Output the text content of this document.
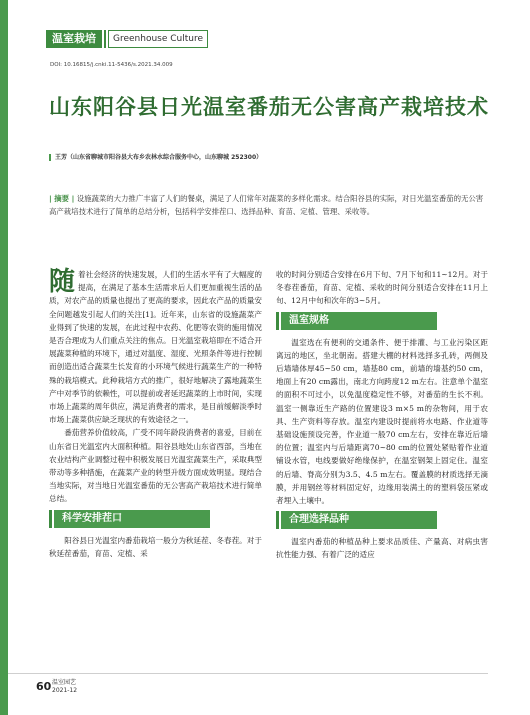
温室栽培	Greenhouse Culture
DOI: 10.16815/j.cnki.11-5436/s.2021.34.009
山东阳谷县日光温室番茄无公害高产栽培技术
王芳（山东省聊城市阳谷县大布乡农林水综合服务中心，山东聊城 252300）
| 摘要 | 设施蔬菜的大力推广丰富了人们的餐桌，满足了人们常年对蔬菜的多样化需求。结合阳谷县的实际，对日光温室番茄的无公害高产栽培技术进行了简单的总结分析，包括科学安排茬口、选择品种、育苗、定植、管理、采收等。
随 着社会经济的快速发展，人们的生活水平有了大幅度的提高，在满足了基本生活需求后人们更加重视生活的品质，对农产品的质量也提出了更高的要求，因此农产品的质量安全问题越发引起人们的关注[1]。近年来，山东省的设施蔬菜产业得到了快速的发展，在此过程中农药、化肥等农资的施用情况是否合理成为人们重点关注的焦点。日光温室栽培即在不适合开展蔬菜种植的环境下，通过对温度、湿度、光照条件等进行控制而创造出适合蔬菜生长发育的小环境气候进行蔬菜生产的一种特殊的栽培模式。此种栽培方式的推广，很好地解决了露地蔬菜生产中对季节的依赖性，可以提前或者延迟蔬菜的上市时间，实现市场上蔬菜的周年供应，满足消费者的需求，是目前缓解淡季时市场上蔬菜供应缺乏现状的有效途径之一。

番茄营养价值较高，广受不同年龄段消费者的喜爱，目前在山东省日光温室内大面积种植。阳谷县地处山东省西部，当地在农业结构产业调整过程中积极发展日光温室蔬菜生产，采取典型带动等多种措施，在蔬菜产业的转型升级方面成效明显。现结合当地实际，对当地日光温室番茄的无公害高产栽培技术进行简单总结。

科学安排茬口

阳谷县日光温室内番茄栽培一般分为秋延茬、冬春茬。对于秋延茬番茄，育苗、定植、采

收的时间分别适合安排在6月下旬、7月下旬和11~12月。对于冬春茬番茄，育苗、定植、采收的时间分别适合安排在11月上旬、12月中旬和次年的3~5月。

温室规格

温室选在有便利的交通条件、便于排灌、与工业污染区距离远的地区，坐北朝南。搭建大棚的材料选择多孔砖，两侧及后墙墙体厚45~50 cm，墙基80 cm，前墙的墙基约50 cm，地面上有20 cm露出，南北方向跨度12 m左右。注意单个温室的面积不可过小，以免温度稳定性不够，对番茄的生长不利。温室一侧靠近生产路的位置建设3 m×5 m的杂物间，用于农具、生产资料等存放。温室内建设时提前将水电路、作业道等基础设施预设完善，作业道一般70 cm左右，安排在靠近后墙的位置；温室内与后墙距离70~80 cm的位置处紧贴着作业道铺设水管，电线要做好绝缘保护，在温室钢架上固定住。温室的后墙、脊高分别为3.5、4.5 m左右。覆盖膜的材质选择无滴膜，并用钢丝等材料固定好，边缘用装满土的的塑料袋压紧或者埋入土壤中。

合理选择品种

温室内番茄的种植品种上要求品质佳、产量高、对病虫害抗性能力强、有着广泛的适应

60 温室园艺
2021-12
